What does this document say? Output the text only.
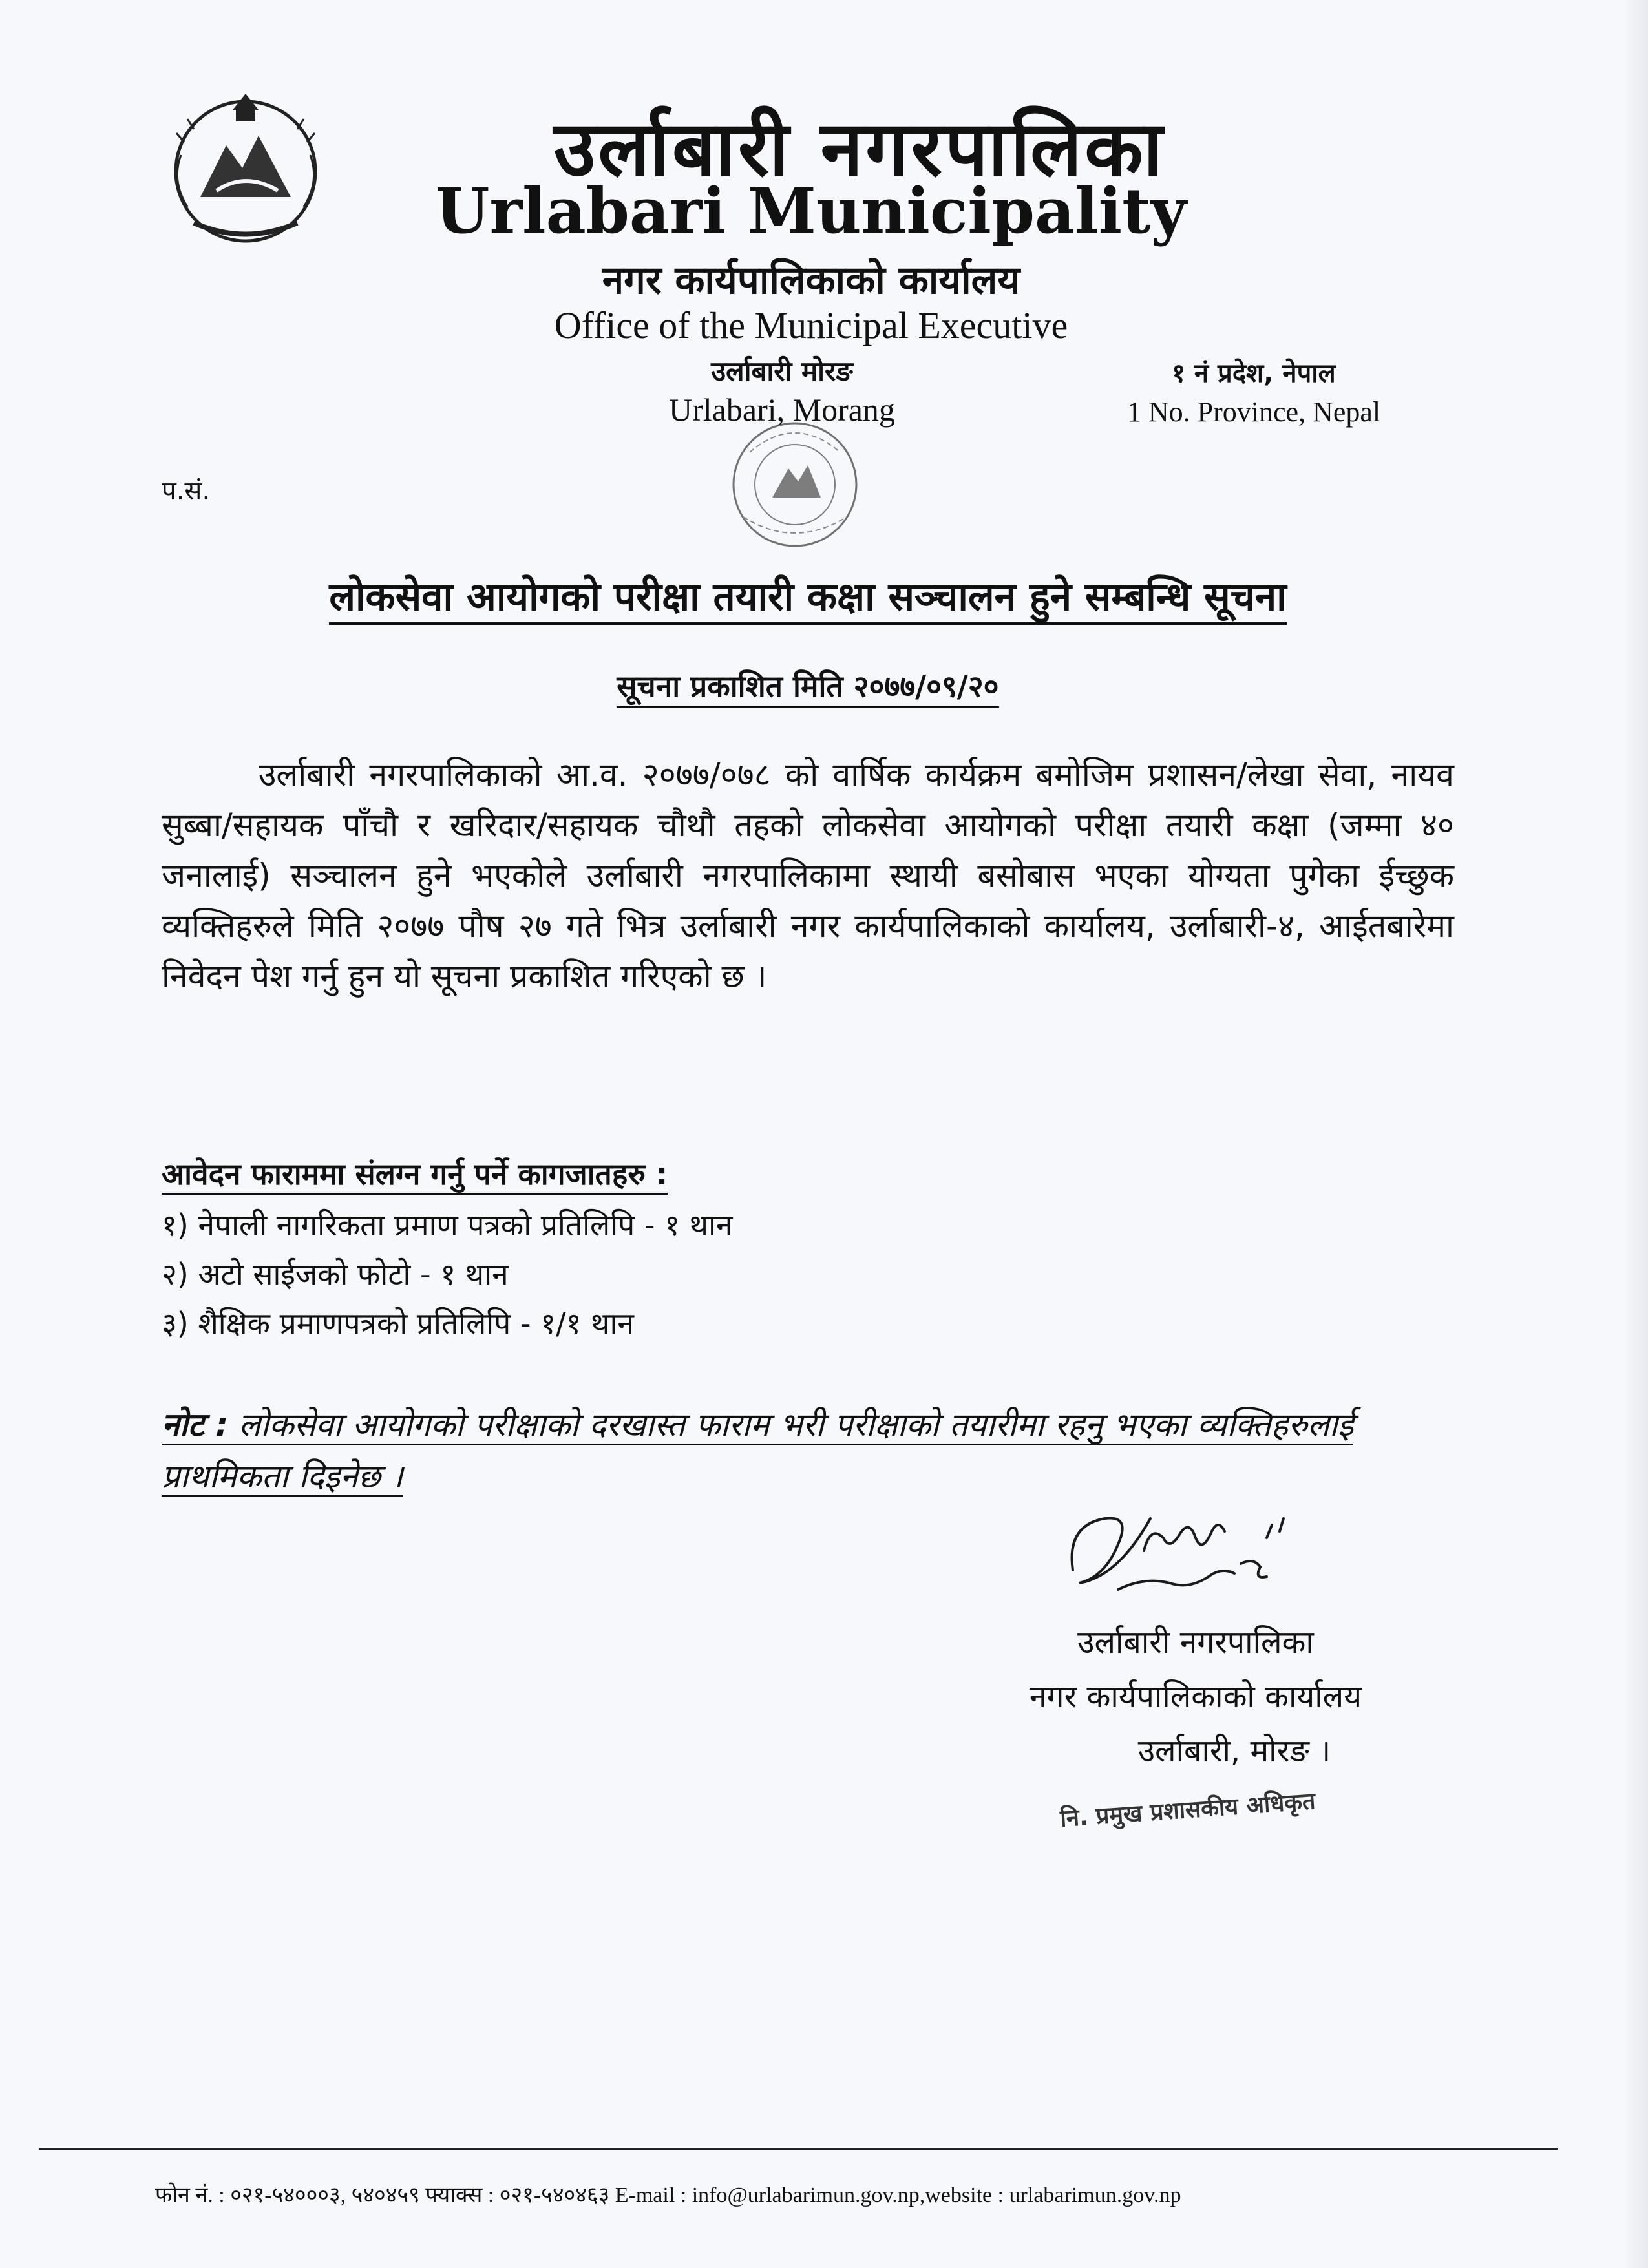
उर्लाबारी नगरपालिका
Urlabari Municipality
नगर कार्यपालिकाको कार्यालय
Office of the Municipal Executive
उर्लाबारी मोरङ
Urlabari, Morang
१ नं प्रदेश, नेपाल
1 No. Province, Nepal
प.सं.
लोकसेवा आयोगको परीक्षा तयारी कक्षा सञ्चालन हुने सम्बन्धि सूचना
सूचना प्रकाशित मिति २०७७/०९/२०
उर्लाबारी नगरपालिकाको आ.व. २०७७/०७८ को वार्षिक कार्यक्रम बमोजिम प्रशासन/लेखा सेवा, नायव सुब्बा/सहायक पाँचौ र खरिदार/सहायक चौथौ तहको लोकसेवा आयोगको परीक्षा तयारी कक्षा (जम्मा ४० जनालाई) सञ्चालन हुने भएकोले उर्लाबारी नगरपालिकामा स्थायी बसोबास भएका योग्यता पुगेका ईच्छुक व्यक्तिहरुले मिति २०७७ पौष २७ गते भित्र उर्लाबारी नगर कार्यपालिकाको कार्यालय, उर्लाबारी-४, आईतबारेमा निवेदन पेश गर्नु हुन यो सूचना प्रकाशित गरिएको छ ।
आवेदन फाराममा संलग्न गर्नु पर्ने कागजातहरु :
१) नेपाली नागरिकता प्रमाण पत्रको प्रतिलिपि - १ थान
२) अटो साईजको फोटो - १ थान
३) शैक्षिक प्रमाणपत्रको प्रतिलिपि - १/१ थान
नोट : लोकसेवा आयोगको परीक्षाको दरखास्त फाराम भरी परीक्षाको तयारीमा रहनु भएका व्यक्तिहरुलाई प्राथमिकता दिइनेछ ।
उर्लाबारी नगरपालिका
नगर कार्यपालिकाको कार्यालय
उर्लाबारी, मोरङ ।
नि. प्रमुख प्रशासकीय अधिकृत
फोन नं. : ०२१-५४०००३, ५४०४५९ फ्याक्स : ०२१-५४०४६३ E-mail : info@urlabarimun.gov.np,website : urlabarimun.gov.np
